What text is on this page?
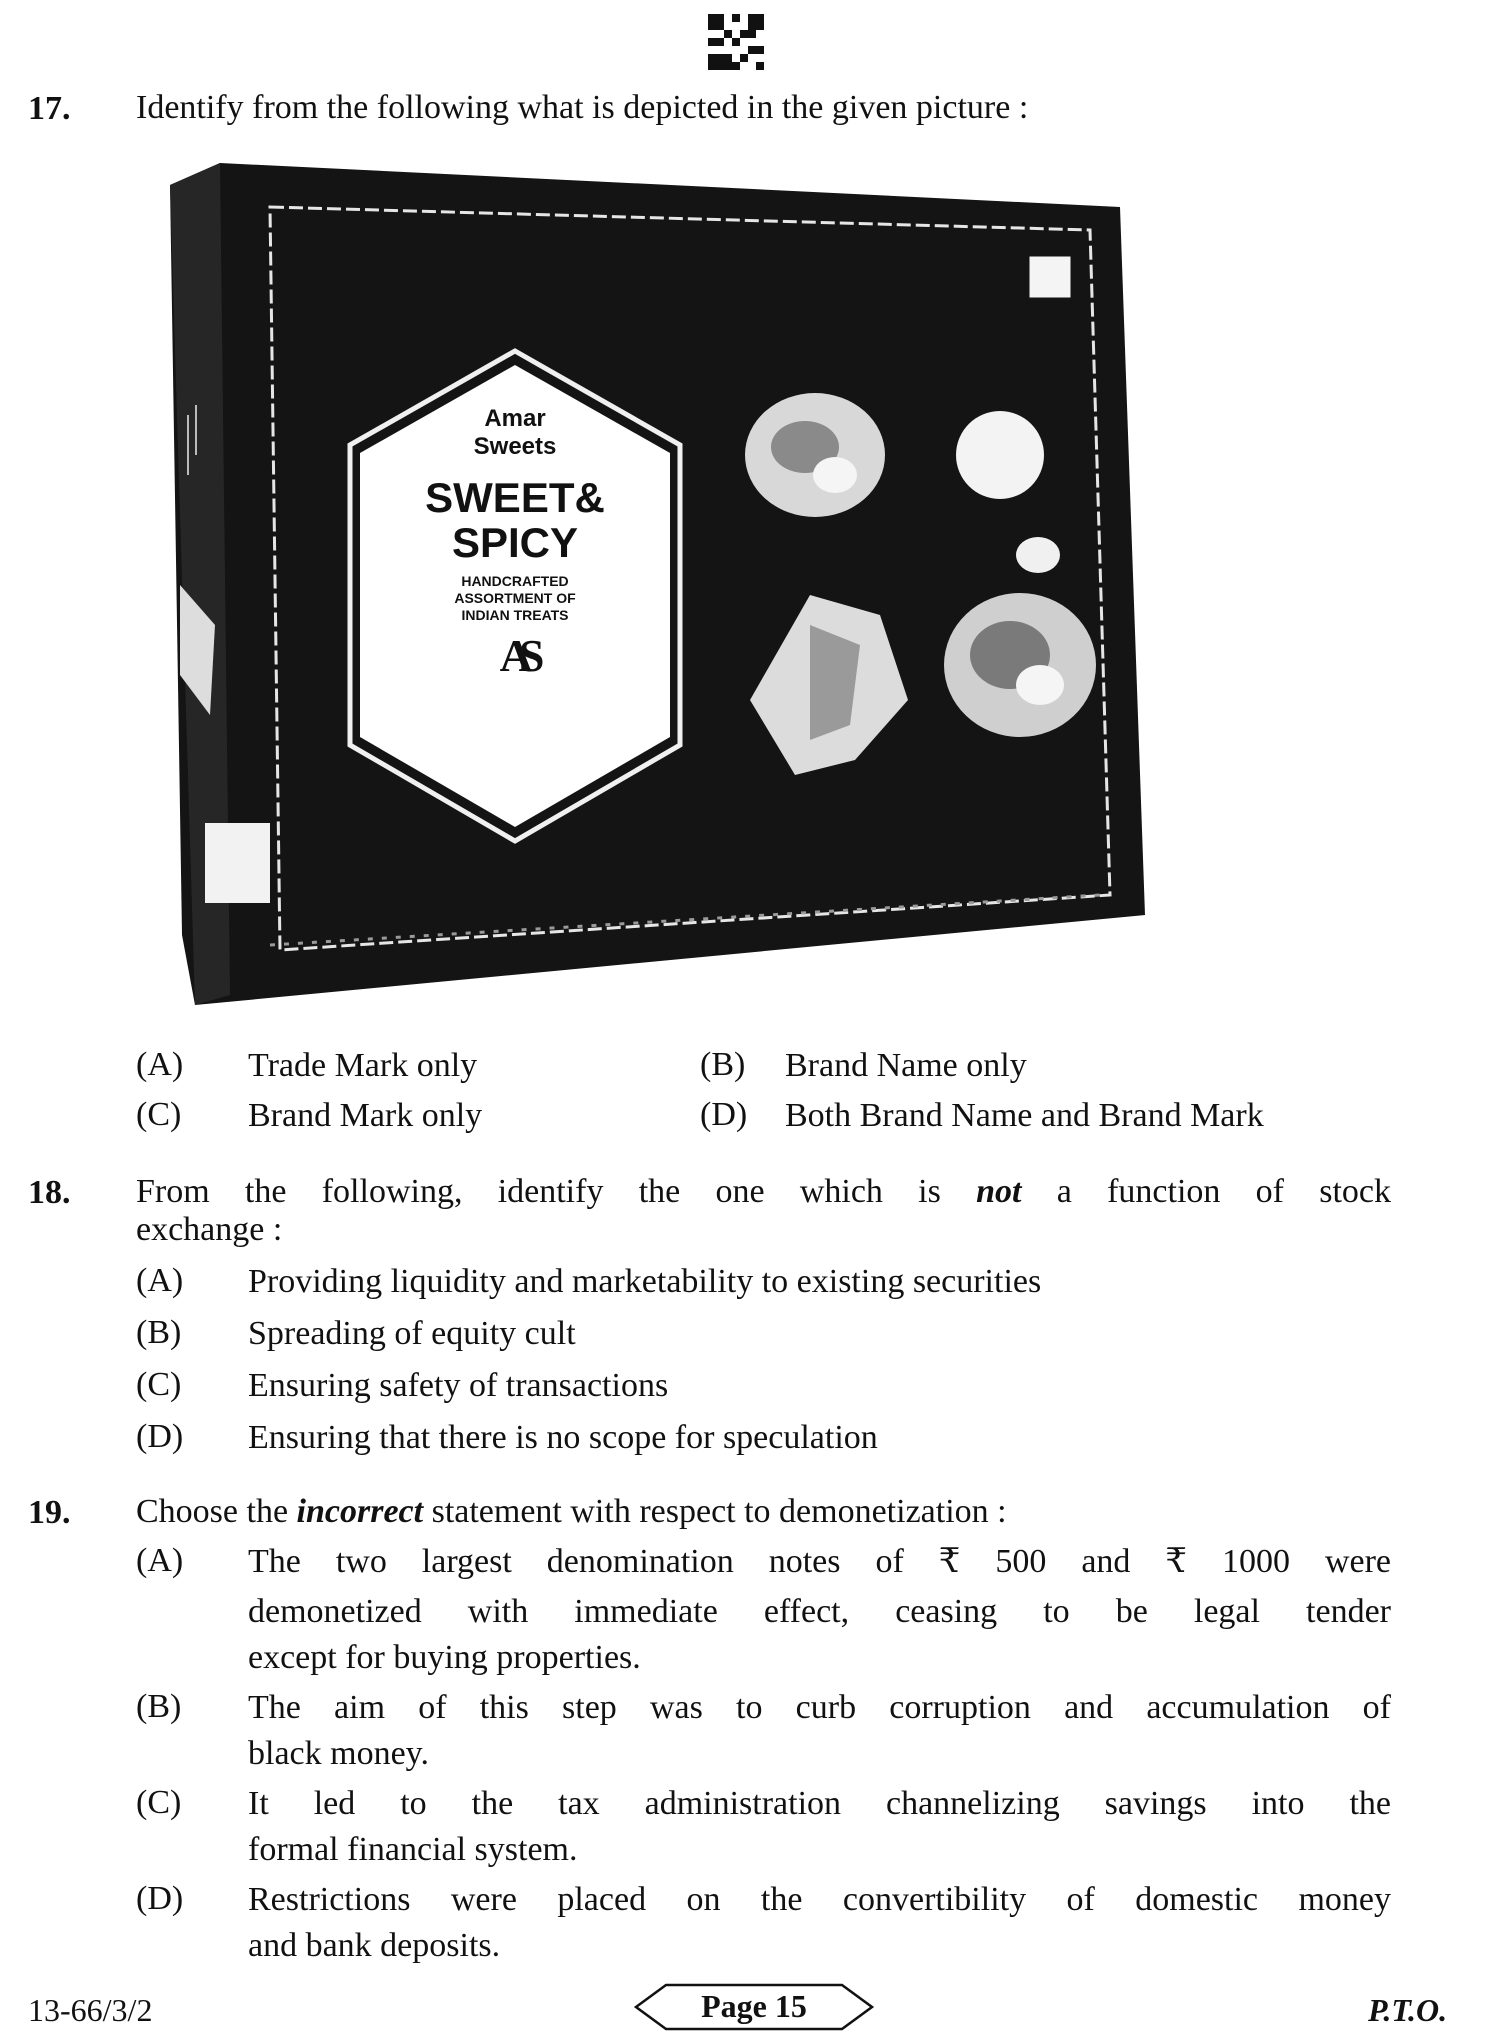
17. Identify from the following what is depicted in the given picture :
Amar
Sweets
SWEET&
SPICY
HANDCRAFTED
ASSORTMENT OF
INDIAN TREATS
AS
(A) Trade Mark only	(B) Brand Name only
(C) Brand Mark only	(D) Both Brand Name and Brand Mark
18. From the following, identify the one which is not a function of stock
exchange :
(A) Providing liquidity and marketability to existing securities
(B) Spreading of equity cult
(C) Ensuring safety of transactions
(D) Ensuring that there is no scope for speculation
19. Choose the incorrect statement with respect to demonetization :
(A) The two largest denomination notes of ₹ 500 and ₹ 1000 were
demonetized with immediate effect, ceasing to be legal tender
except for buying properties.
(B) The aim of this step was to curb corruption and accumulation of
black money.
(C) It led to the tax administration channelizing savings into the
formal financial system.
(D) Restrictions were placed on the convertibility of domestic money
and bank deposits.
13-66/3/2	Page 15	P.T.O.
